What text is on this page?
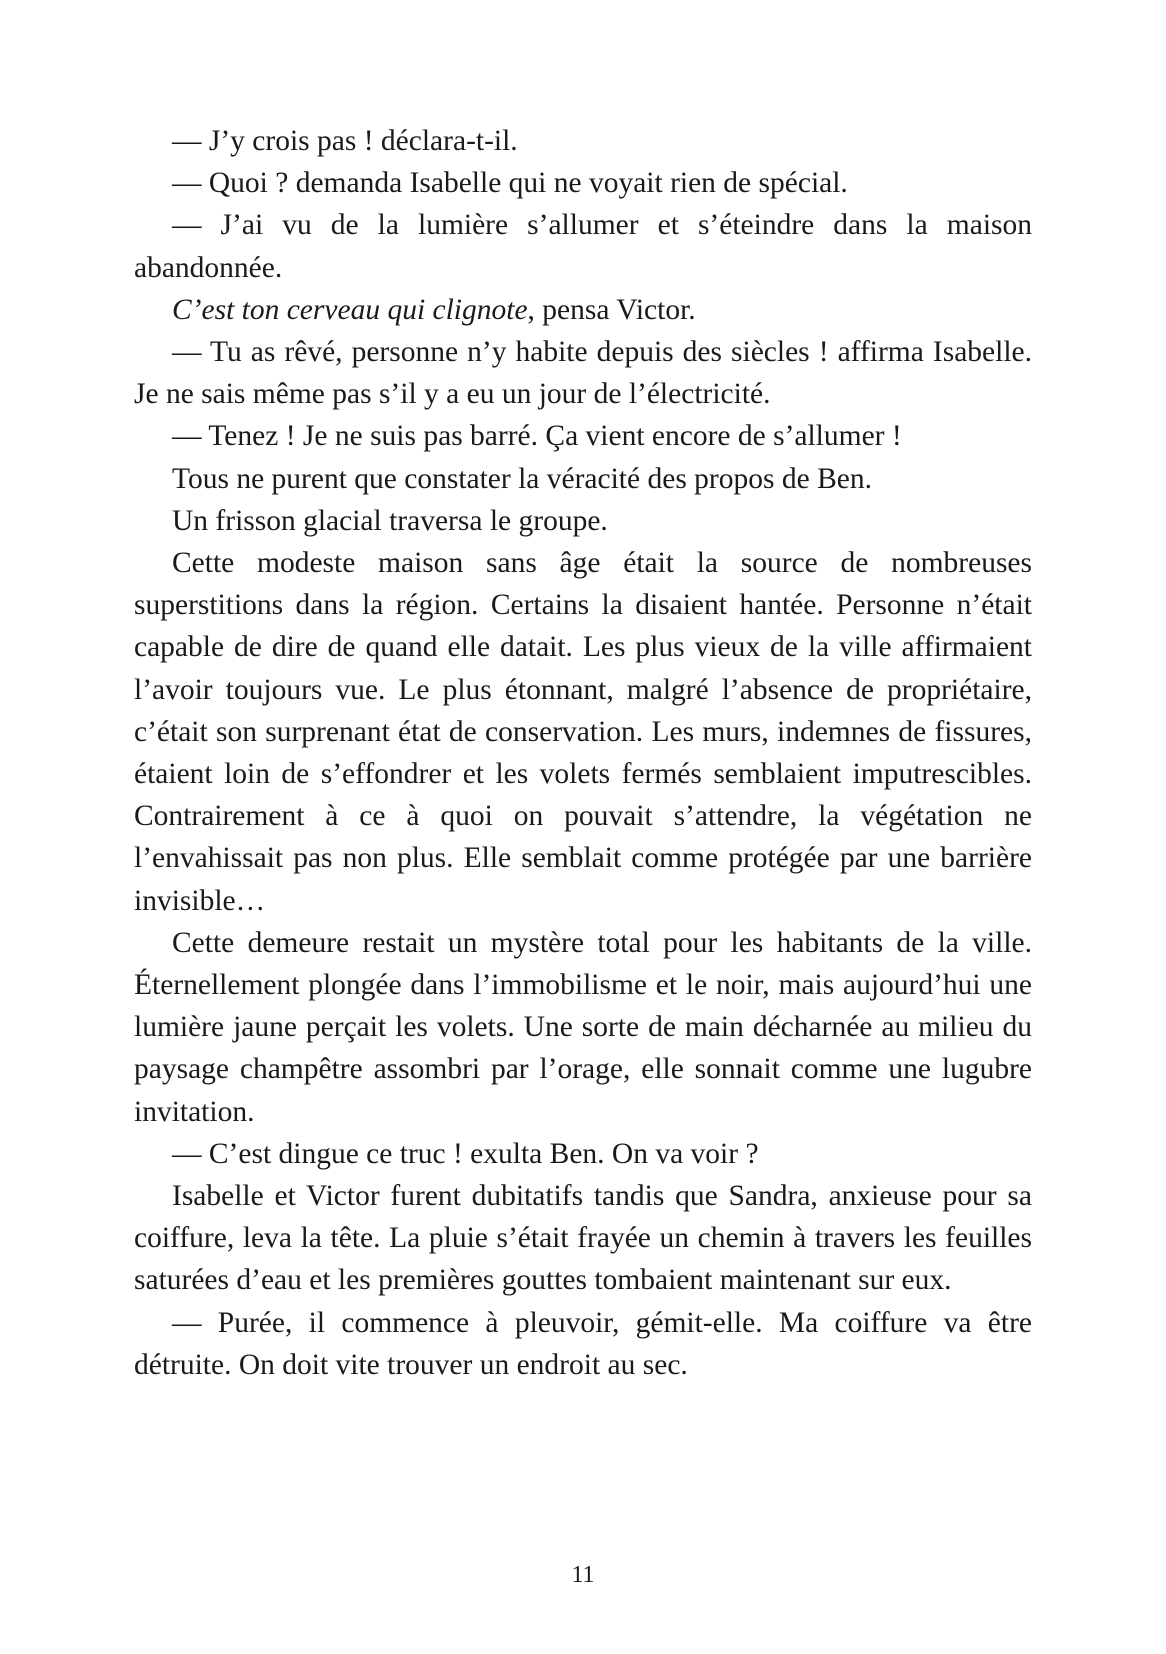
— J’y crois pas ! déclara-t-il.

— Quoi ? demanda Isabelle qui ne voyait rien de spécial.

— J’ai vu de la lumière s’allumer et s’éteindre dans la maison abandonnée.

C’est ton cerveau qui clignote, pensa Victor.

— Tu as rêvé, personne n’y habite depuis des siècles ! affirma Isabelle. Je ne sais même pas s’il y a eu un jour de l’électricité.

— Tenez ! Je ne suis pas barré. Ça vient encore de s’allumer !

Tous ne purent que constater la véracité des propos de Ben.

Un frisson glacial traversa le groupe.

Cette modeste maison sans âge était la source de nombreuses superstitions dans la région. Certains la disaient hantée. Personne n’était capable de dire de quand elle datait. Les plus vieux de la ville affirmaient l’avoir toujours vue. Le plus étonnant, malgré l’absence de propriétaire, c’était son surprenant état de conservation. Les murs, indemnes de fissures, étaient loin de s’effondrer et les volets fermés semblaient imputrescibles. Contrairement à ce à quoi on pouvait s’attendre, la végétation ne l’envahissait pas non plus. Elle semblait comme protégée par une barrière invisible…

Cette demeure restait un mystère total pour les habitants de la ville. Éternellement plongée dans l’immobilisme et le noir, mais aujourd’hui une lumière jaune perçait les volets. Une sorte de main décharnée au milieu du paysage champêtre assombri par l’orage, elle sonnait comme une lugubre invitation.

— C’est dingue ce truc ! exulta Ben. On va voir ?

Isabelle et Victor furent dubitatifs tandis que Sandra, anxieuse pour sa coiffure, leva la tête. La pluie s’était frayée un chemin à travers les feuilles saturées d’eau et les premières gouttes tombaient maintenant sur eux.

— Purée, il commence à pleuvoir, gémit-elle. Ma coiffure va être détruite. On doit vite trouver un endroit au sec.

11
